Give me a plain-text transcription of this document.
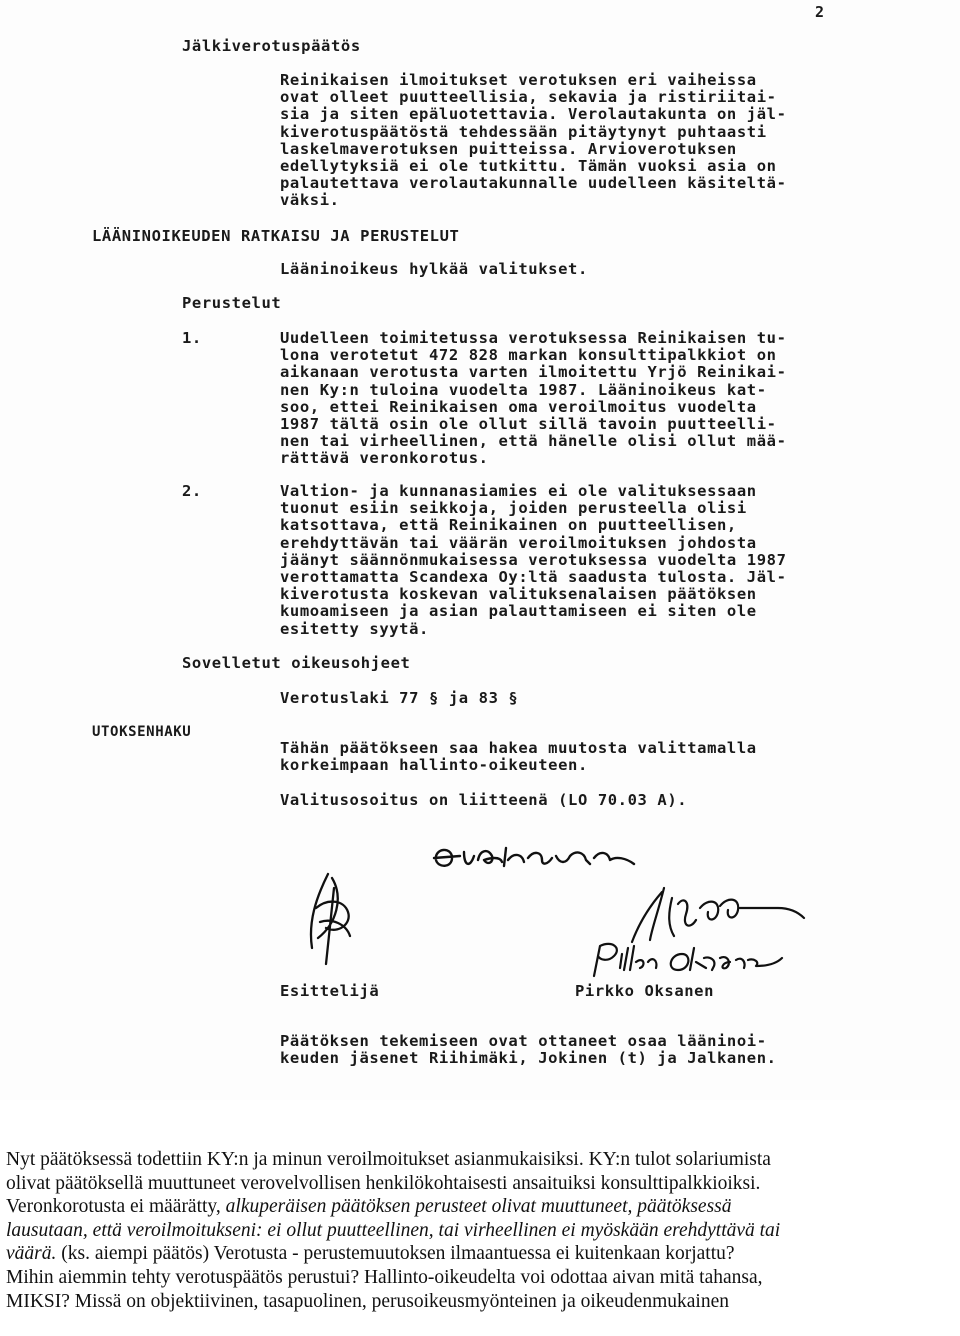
2
Jälkiverotuspäätös
Reinikaisen ilmoitukset verotuksen eri vaiheissa
ovat olleet puutteellisia, sekavia ja ristiriitai-
sia ja siten epäluotettavia. Verolautakunta on jäl-
kiverotuspäätöstä tehdessään pitäytynyt puhtaasti
laskelmaverotuksen puitteissa. Arvioverotuksen
edellytyksiä ei ole tutkittu. Tämän vuoksi asia on
palautettava verolautakunnalle uudelleen käsiteltä-
väksi.
LÄÄNINOIKEUDEN RATKAISU JA PERUSTELUT
Lääninoikeus hylkää valitukset.
Perustelut
1.	Uudelleen toimitetussa verotuksessa Reinikaisen tu-
lona verotetut 472 828 markan konsulttipalkkiot on
aikanaan verotusta varten ilmoitettu Yrjö Reinikai-
nen Ky:n tuloina vuodelta 1987. Lääninoikeus kat-
soo, ettei Reinikaisen oma veroilmoitus vuodelta
1987 tältä osin ole ollut sillä tavoin puutteelli-
nen tai virheellinen, että hänelle olisi ollut mää-
rättävä veronkorotus.
2.	Valtion- ja kunnanasiamies ei ole valituksessaan
tuonut esiin seikkoja, joiden perusteella olisi
katsottava, että Reinikainen on puutteellisen,
erehdyttävän tai väärän veroilmoituksen johdosta
jäänyt säännönmukaisessa verotuksessa vuodelta 1987
verottamatta Scandexa Oy:ltä saadusta tulosta. Jäl-
kiverotusta koskevan valituksenalaisen päätöksen
kumoamiseen ja asian palauttamiseen ei siten ole
esitetty syytä.
Sovelletut oikeusohjeet
Verotuslaki 77 § ja 83 §
UTOKSENHAKU
Tähän päätökseen saa hakea muutosta valittamalla
korkeimpaan hallinto-oikeuteen.
Valitusosoitus on liitteenä (LO 70.03 A).
Esittelijä	Pirkko Oksanen
Päätöksen tekemiseen ovat ottaneet osaa lääninoi-
keuden jäsenet Riihimäki, Jokinen (t) ja Jalkanen.
Nyt päätöksessä todettiin KY:n ja minun veroilmoitukset asianmukaisiksi. KY:n tulot solariumista
olivat päätöksellä muuttuneet verovelvollisen henkilökohtaisesti ansaituiksi konsulttipalkkioiksi.
Veronkorotusta ei määrätty, alkuperäisen päätöksen perusteet olivat muuttuneet, päätöksessä
lausutaan, että veroilmoitukseni: ei ollut puutteellinen, tai virheellinen ei myöskään erehdyttävä tai
väärä. (ks. aiempi päätös) Verotusta - perustemuutoksen ilmaantuessa ei kuitenkaan korjattu?
Mihin aiemmin tehty verotuspäätös perustui? Hallinto-oikeudelta voi odottaa aivan mitä tahansa,
MIKSI? Missä on objektiivinen, tasapuolinen, perusoikeusmyönteinen ja oikeudenmukainen
